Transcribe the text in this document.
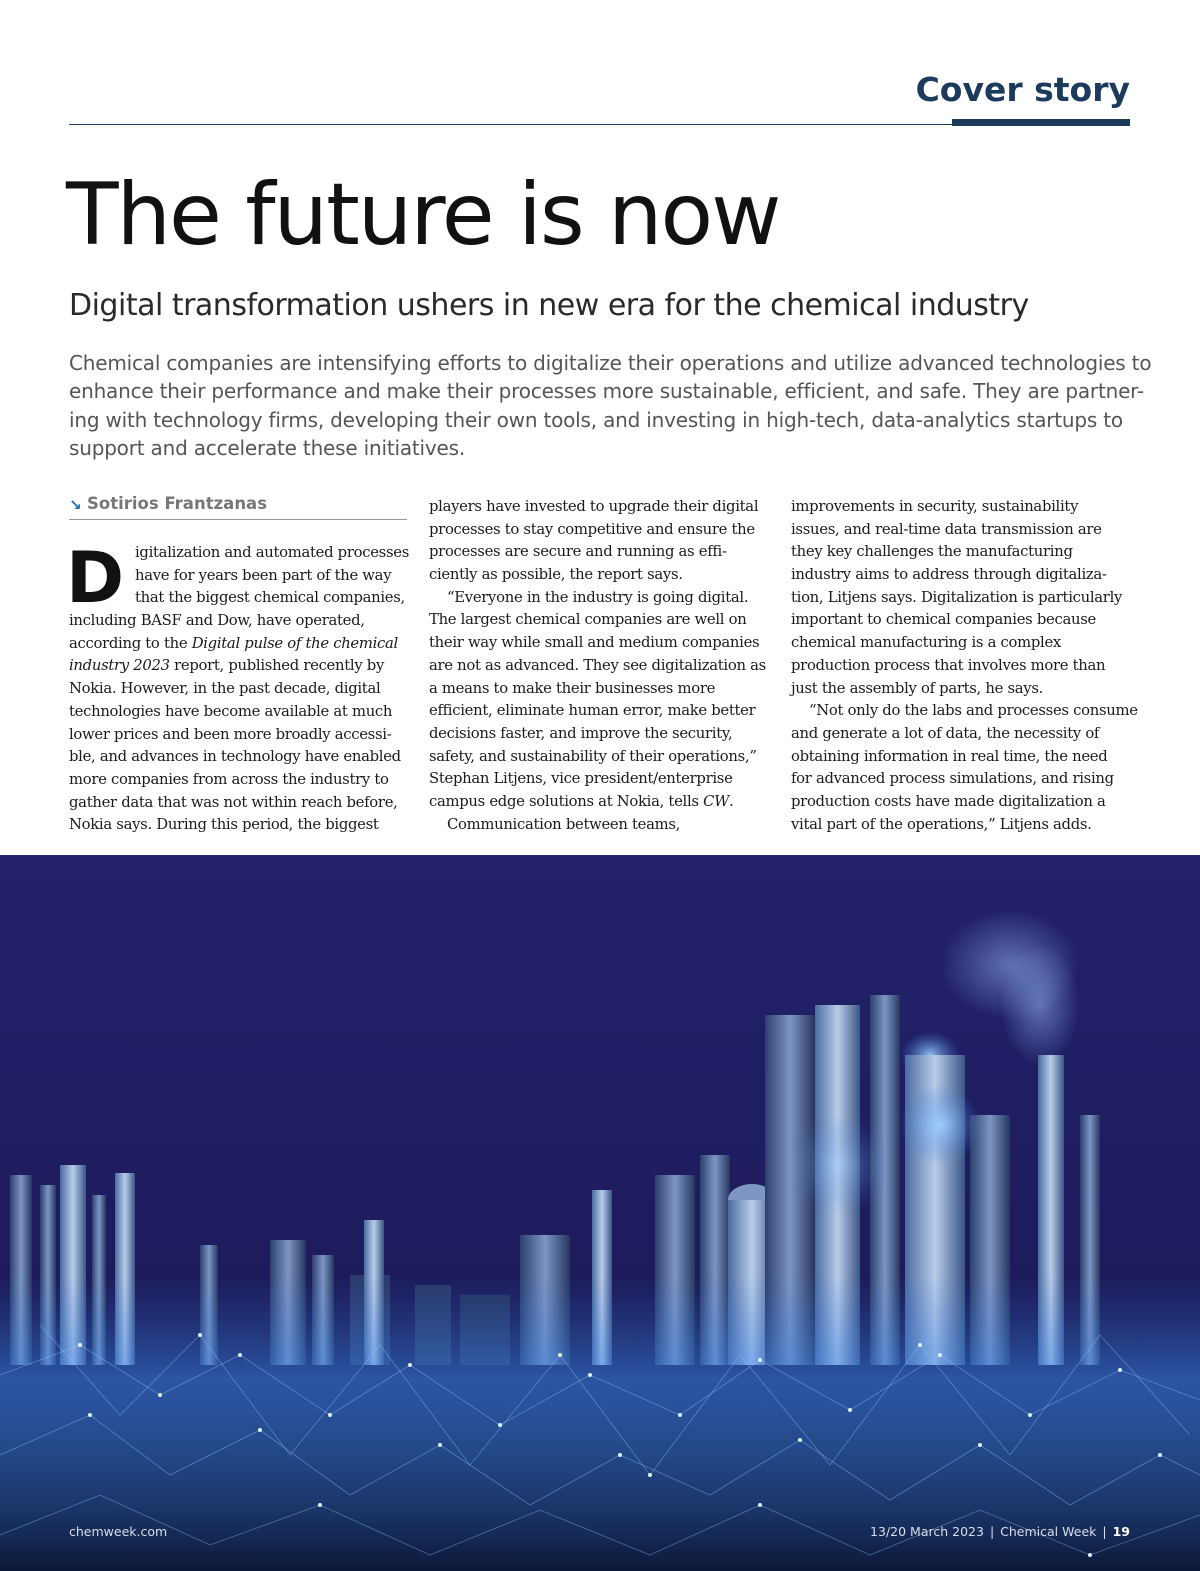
Cover story
The future is now
Digital transformation ushers in new era for the chemical industry

Chemical companies are intensifying efforts to digitalize their operations and utilize advanced technologies to
enhance their performance and make their processes more sustainable, efficient, and safe. They are partner-
ing with technology firms, developing their own tools, and investing in high-tech, data-analytics startups to
support and accelerate these initiatives.

↘ Sotirios Frantzanas
D igitalization and automated processes
have for years been part of the way
that the biggest chemical companies,
including BASF and Dow, have operated,
according to the Digital pulse of the chemical
industry 2023 report, published recently by
Nokia. However, in the past decade, digital
technologies have become available at much
lower prices and been more broadly accessi-
ble, and advances in technology have enabled
more companies from across the industry to
gather data that was not within reach before,
Nokia says. During this period, the biggest
players have invested to upgrade their digital
processes to stay competitive and ensure the
processes are secure and running as effi-
ciently as possible, the report says.
“Everyone in the industry is going digital.
The largest chemical companies are well on
their way while small and medium companies
are not as advanced. They see digitalization as
a means to make their businesses more
efficient, eliminate human error, make better
decisions faster, and improve the security,
safety, and sustainability of their operations,”
Stephan Litjens, vice president/enterprise
campus edge solutions at Nokia, tells CW.
Communication between teams,
improvements in security, sustainability
issues, and real-time data transmission are
they key challenges the manufacturing
industry aims to address through digitaliza-
tion, Litjens says. Digitalization is particularly
important to chemical companies because
chemical manufacturing is a complex
production process that involves more than
just the assembly of parts, he says.
“Not only do the labs and processes consume
and generate a lot of data, the necessity of
obtaining information in real time, the need
for advanced process simulations, and rising
production costs have made digitalization a
vital part of the operations,” Litjens adds.
chemweek.com	13/20 March 2023 | Chemical Week | 19
